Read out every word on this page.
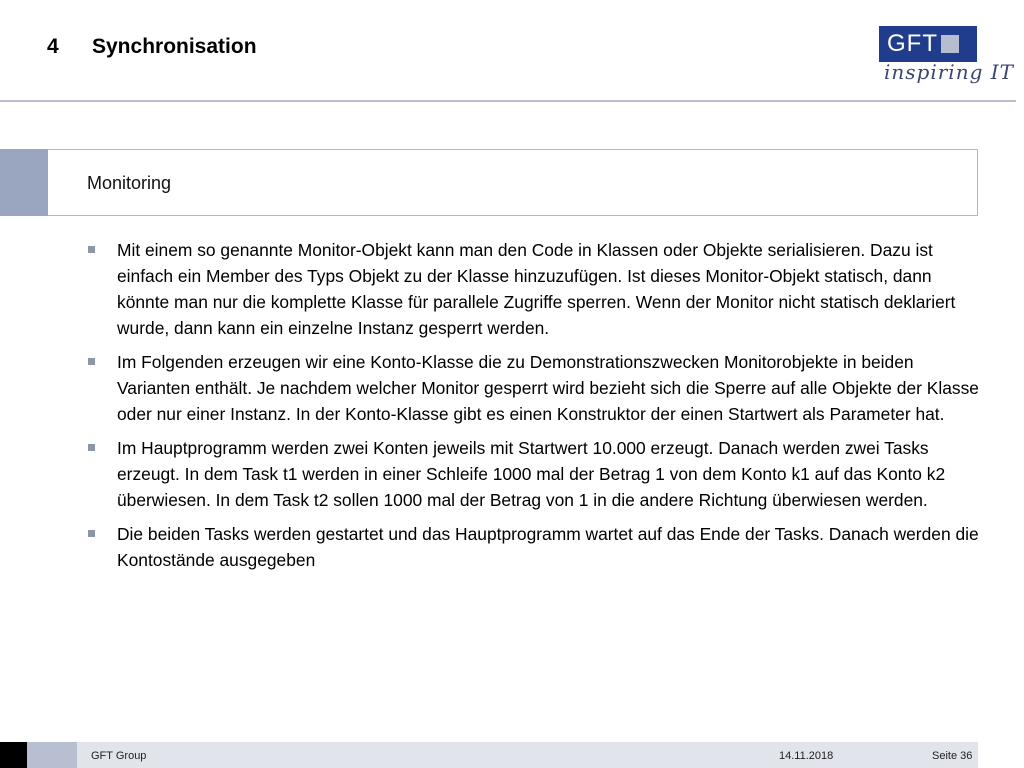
4 Synchronisation	GFT
inspiring IT
Monitoring
Mit einem so genannte Monitor-Objekt kann man den Code in Klassen oder Objekte serialisieren. Dazu ist einfach ein Member des Typs Objekt zu der Klasse hinzuzufügen. Ist dieses Monitor-Objekt statisch, dann könnte man nur die komplette Klasse für parallele Zugriffe sperren. Wenn der Monitor nicht statisch deklariert wurde, dann kann ein einzelne Instanz gesperrt werden.
Im Folgenden erzeugen wir eine Konto-Klasse die zu Demonstrationszwecken Monitorobjekte in beiden Varianten enthält. Je nachdem welcher Monitor gesperrt wird bezieht sich die Sperre auf alle Objekte der Klasse oder nur einer Instanz. In der Konto-Klasse gibt es einen Konstruktor der einen Startwert als Parameter hat.
Im Hauptprogramm werden zwei Konten jeweils mit Startwert 10.000 erzeugt. Danach werden zwei Tasks erzeugt. In dem Task t1 werden in einer Schleife 1000 mal der Betrag 1 von dem Konto k1 auf das Konto k2 überwiesen. In dem Task t2 sollen 1000 mal der Betrag von 1 in die andere Richtung überwiesen werden.
Die beiden Tasks werden gestartet und das Hauptprogramm wartet auf das Ende der Tasks. Danach werden die Kontostände ausgegeben
GFT Group	14.11.2018	Seite 36
